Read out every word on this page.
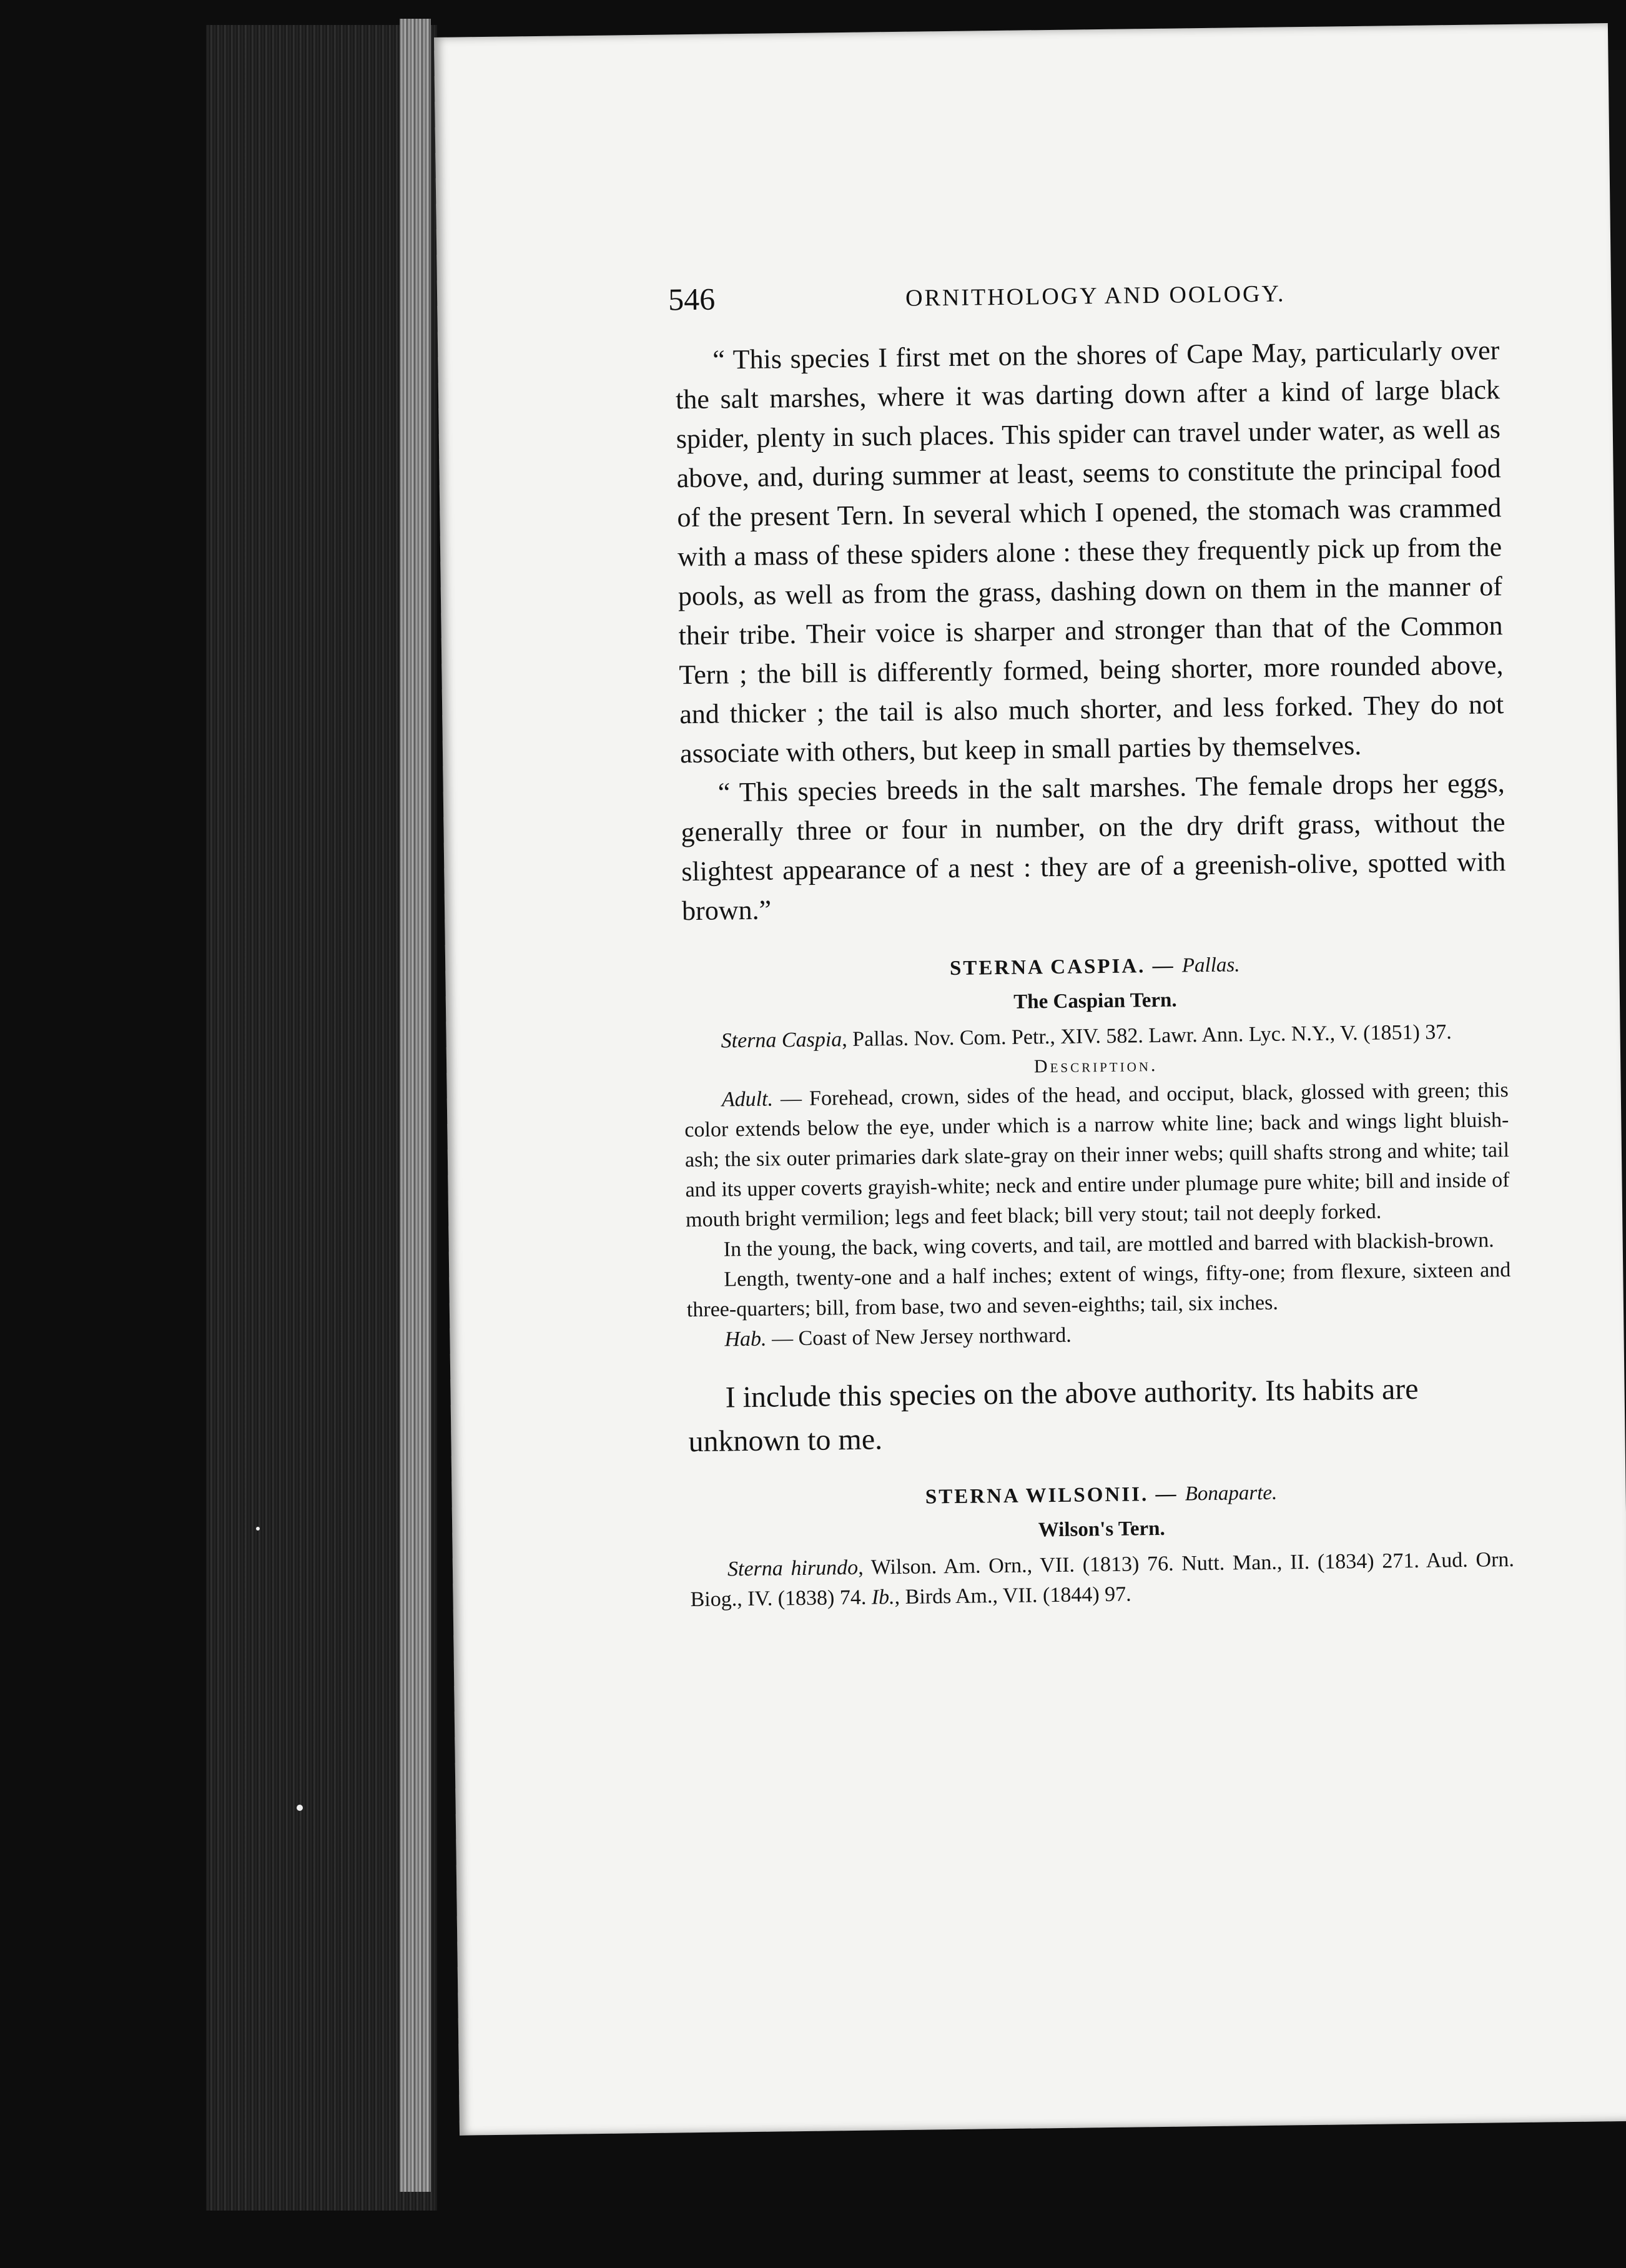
546	ORNITHOLOGY AND OOLOGY.

“ This species I first met on the shores of Cape May, particularly over the salt marshes, where it was darting down after a kind of large black spider, plenty in such places. This spider can travel under water, as well as above, and, during summer at least, seems to constitute the principal food of the present Tern. In several which I opened, the stomach was crammed with a mass of these spiders alone : these they frequently pick up from the pools, as well as from the grass, dashing down on them in the manner of their tribe. Their voice is sharper and stronger than that of the Common Tern ; the bill is differently formed, being shorter, more rounded above, and thicker ; the tail is also much shorter, and less forked. They do not associate with others, but keep in small parties by themselves.

“ This species breeds in the salt marshes. The female drops her eggs, generally three or four in number, on the dry drift grass, without the slightest appearance of a nest : they are of a greenish-olive, spotted with brown.”

STERNA CASPIA. — Pallas.
The Caspian Tern.

Sterna Caspia, Pallas. Nov. Com. Petr., XIV. 582. Lawr. Ann. Lyc. N.Y., V. (1851) 37.

Description.

Adult. — Forehead, crown, sides of the head, and occiput, black, glossed with green; this color extends below the eye, under which is a narrow white line; back and wings light bluish-ash; the six outer primaries dark slate-gray on their inner webs; quill shafts strong and white; tail and its upper coverts grayish-white; neck and entire under plumage pure white; bill and inside of mouth bright vermilion; legs and feet black; bill very stout; tail not deeply forked.

In the young, the back, wing coverts, and tail, are mottled and barred with blackish-brown.

Length, twenty-one and a half inches; extent of wings, fifty-one; from flexure, sixteen and three-quarters; bill, from base, two and seven-eighths; tail, six inches.

Hab. — Coast of New Jersey northward.

I include this species on the above authority. Its habits are unknown to me.

STERNA WILSONII. — Bonaparte.
Wilson's Tern.

Sterna hirundo, Wilson. Am. Orn., VII. (1813) 76. Nutt. Man., II. (1834) 271. Aud. Orn. Biog., IV. (1838) 74. Ib., Birds Am., VII. (1844) 97.
